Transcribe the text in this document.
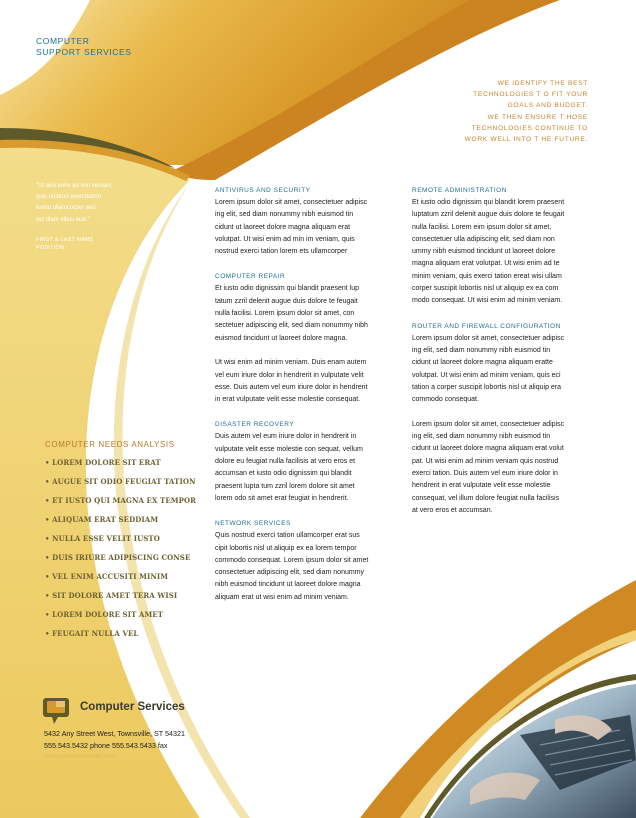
COMPUTER
SUPPORT SERVICES
WE IDENTIFY THE BEST
TECHNOLOGIES T O FIT YOUR
GOALS AND BUDGET.
WE THEN ENSURE T HOSE
TECHNOLOGIES CONTINUE TO
WORK WELL INTO T HE FUTURE.
"Ut wisi enim ad min veniam,
quis nostrud exercitation
lorem ullamcorper wisi
set diam ellius erat."
FIRST & LAST NAME
POSITION
ANTIVIRUS AND SECURITY
Lorem ipsum dolor sit amet, consectetuer adipisc
ing elit, sed diam nonummy nibh euismod tin
cidunt ut laoreet dolore magna aliquam erat
volutpat. Ut wisi enim ad min im veniam, quis
nostrud exerci tation lorem ets ullamcorper
COMPUTER REPAIR
Et iusto odio dignissim qui blandit praesent lup
tatum zzril delenit augue duis dolore te feugait
nulla facilisi. Lorem ipsum dolor sit amet, con
sectetuer adipiscing elit, sed diam nonummy nibh
euismod tincidunt ut laoreet dolore magna.
Ut wisi enim ad minim veniam. Duis enam autem
vel eum iriure dolor in hendrerit in vulputate velit
esse. Duis autem vel eum iriure dolor in hendrerit
in erat vulputate velit esse molestie consequat.
DISASTER RECOVERY
Duis autem vel eum iriure dolor in hendrerit in
vulputate velit esse molestie con sequat, vellum
dolore eu feugiat nulla facilisis at vero eros et
accumsan et iusto odio dignissim qui blandit
praesent lupta tum zzril lorem dolore sit amet
lorem odo sit amet erat feugiat in hendrerit.
NETWORK SERVICES
Quis nostrud exerci tation ullamcorper erat sus
cipit lobortis nisl ut aliquip ex ea lorem tempor
commodo consequat. Lorem ipsum dolor sit amet
consectetuer adipiscing elit, sed diam nonummy
nibh euismod tincidunt ut laoreet dolore magna
aliquam erat ut wisi enim ad minim veniam.
REMOTE ADMINISTRATION
Et iusto odio dignissim qui blandit lorem praesent
luptatum zzril delenit augue duis dolore te feugait
nulla facilisi. Lorem eim ipsum dolor sit amet,
consectetuer ulla adipiscing elit, sed diam non
ummy nibh euismod tincidunt ut laoreet dolore
magna aliquam erat volutpat. Ut wisi enim ad te
minim veniam, quis exerci tation ereat wisi ullam
corper suscipit lobortis nisl ut aliquip ex ea com
modo consequat. Ut wisi enim ad minim veniam.
ROUTER AND FIREWALL CONFIGURATION
Lorem ipsum dolor sit amet, consectetuer adipisc
ing elit, sed diam nonummy nibh euismod tin
cidunt ut laoreet dolore magna aliquam eratte
volutpat. Ut wisi enim ad minim veniam, quis eci
tation a corper suscipit lobortis nisl ut aliquip era
commodo consequat.
Lorem ipsum dolor sit amet, consectetuer adipisc
ing elit, sed diam nonummy nibh euismod tin
cidunt ut laoreet dolore magna aliquam erat volut
pat. Ut wisi enim ad minim veniam quis nostrud
exerci tation. Duis autem vel eum iriure dolor in
hendrerit in erat vulputate velit esse molestie
consequat, vel illum dolore feugiat nulla facilisis
at vero eros et accumsan.
COMPUTER NEEDS ANALYSIS
• LOREM DOLORE SIT ERAT
• AUGUE SIT ODIO FEUGIAT TATION
• ET IUSTO QUI MAGNA EX TEMPOR
• ALIQUAM ERAT SEDDIAM
• NULLA ESSE VELIT IUSTO
• DUIS IRIURE ADIPISCING CONSE
• VEL ENIM ACCUSITI MINIM
• SIT DOLORE AMET TERA WISI
• LOREM DOLORE SIT AMET
• FEUGAIT NULLA VEL
Computer Services
5432 Any Street West, Townsville, ST 54321
555.543.5432 phone 555.543.5433 fax
www.yourwebsitehere.com
